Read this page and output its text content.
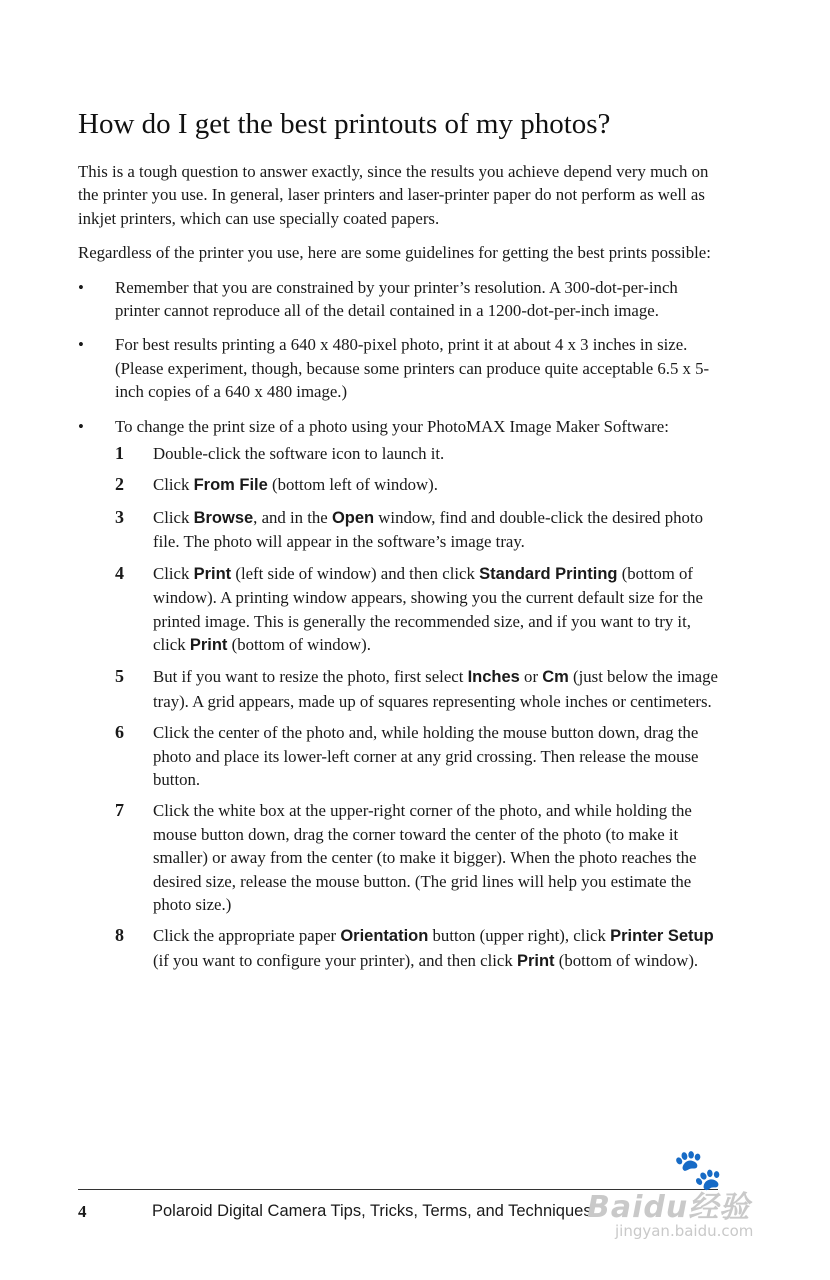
How do I get the best printouts of my photos?

This is a tough question to answer exactly, since the results you achieve depend very much on the printer you use. In general, laser printers and laser-printer paper do not perform as well as inkjet printers, which can use specially coated papers.

Regardless of the printer you use, here are some guidelines for getting the best prints possible:

• Remember that you are constrained by your printer’s resolution. A 300-dot-per-inch printer cannot reproduce all of the detail contained in a 1200-dot-per-inch image.
• For best results printing a 640 x 480-pixel photo, print it at about 4 x 3 inches in size. (Please experiment, though, because some printers can produce quite acceptable 6.5 x 5-inch copies of a 640 x 480 image.)
• To change the print size of a photo using your PhotoMAX Image Maker Software:
1 Double-click the software icon to launch it.
2 Click From File (bottom left of window).
3 Click Browse, and in the Open window, find and double-click the desired photo file. The photo will appear in the software’s image tray.
4 Click Print (left side of window) and then click Standard Printing (bottom of window). A printing window appears, showing you the current default size for the printed image. This is generally the recommended size, and if you want to try it, click Print (bottom of window).
5 But if you want to resize the photo, first select Inches or Cm (just below the image tray). A grid appears, made up of squares representing whole inches or centimeters.
6 Click the center of the photo and, while holding the mouse button down, drag the photo and place its lower-left corner at any grid crossing. Then release the mouse button.
7 Click the white box at the upper-right corner of the photo, and while holding the mouse button down, drag the corner toward the center of the photo (to make it smaller) or away from the center (to make it bigger). When the photo reaches the desired size, release the mouse button. (The grid lines will help you estimate the photo size.)
8 Click the appropriate paper Orientation button (upper right), click Printer Setup (if you want to configure your printer), and then click Print (bottom of window).
4	Polaroid Digital Camera Tips, Tricks, Terms, and Techniques
🐾
Baidu经验
jingyan.baidu.com
